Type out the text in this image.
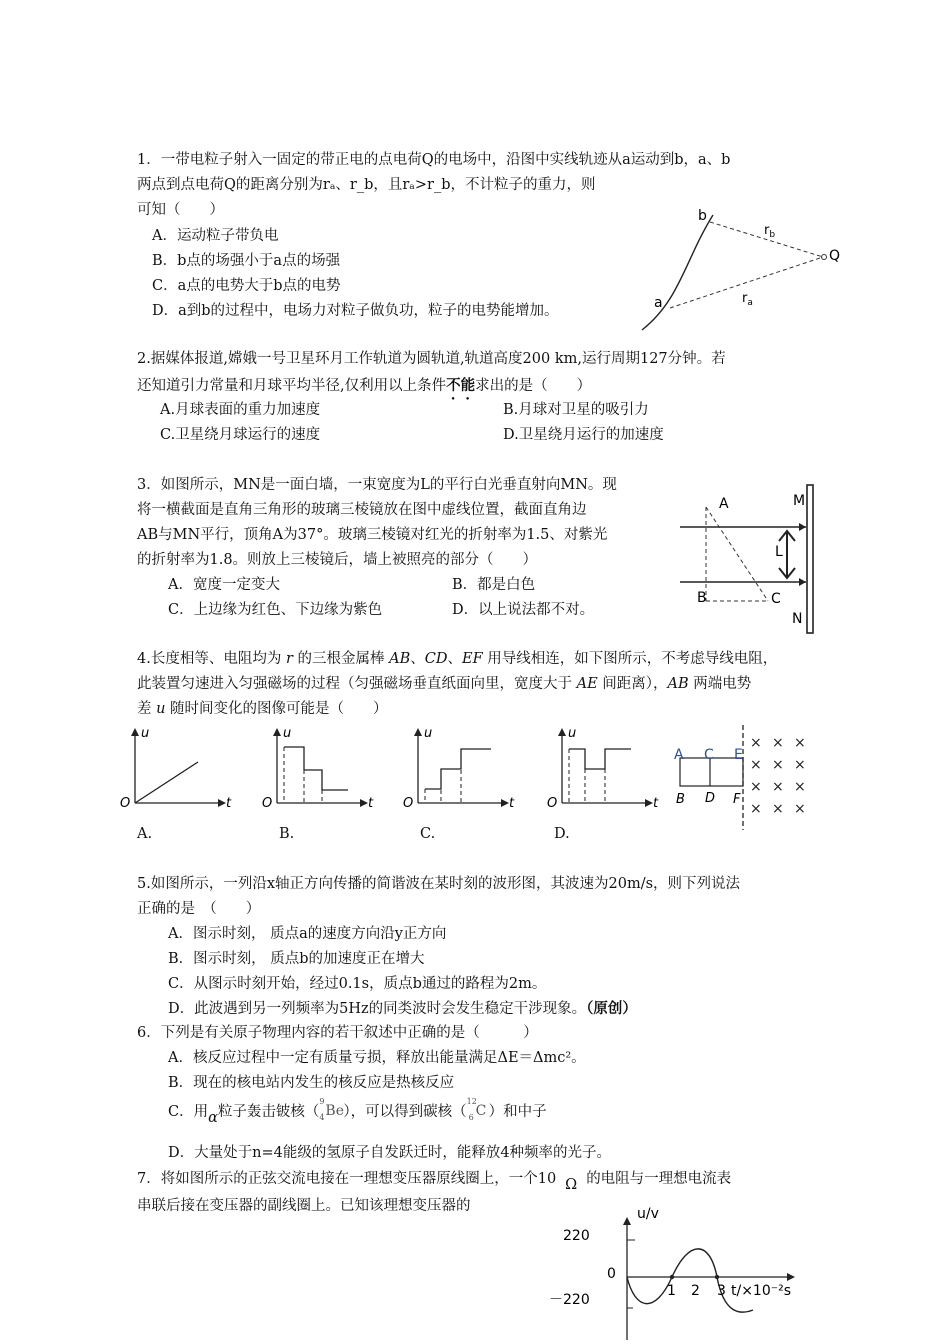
1．一带电粒子射入一固定的带正电的点电荷Q的电场中，沿图中实线轨迹从a运动到b，a、b
两点到点电荷Q的距离分别为rₐ、r_b，且rₐ>r_b，不计粒子的重力，则
可知（　　）
A．运动粒子带负电
B．b点的场强小于a点的场强
C．a点的电势大于b点的电势
D．a到b的过程中，电场力对粒子做负功，粒子的电势能增加。
b
a
Q
$r_b$
$r_a$
2.据媒体报道,嫦娥一号卫星环月工作轨道为圆轨道,轨道高度200 km,运行周期127分钟。若
还知道引力常量和月球平均半径,仅利用以上条件不能求出的是（　　）
A.月球表面的重力加速度	B.月球对卫星的吸引力
C.卫星绕月球运行的速度	D.卫星绕月运行的加速度
3．如图所示，MN是一面白墙，一束宽度为L的平行白光垂直射向MN。现
将一横截面是直角三角形的玻璃三棱镜放在图中虚线位置，截面直角边
AB与MN平行，顶角A为37°。玻璃三棱镜对红光的折射率为1.5、对紫光
的折射率为1.8。则放上三棱镜后，墙上被照亮的部分（　　）
A．宽度一定变大	B．都是白色
C．上边缘为红色、下边缘为紫色	D．以上说法都不对。
A
B	C
M
N
L
4.长度相等、电阻均为 r 的三根金属棒 AB、CD、EF 用导线相连，如下图所示，不考虑导线电阻，
此装置匀速进入匀强磁场的过程（匀强磁场垂直纸面向里，宽度大于 AE 间距离），AB 两端电势
差 u 随时间变化的图像可能是（　　）
u
t
O
u
t
O
u
t
O
u
t
O
A C E
B D F
× × ×
× × ×
× × ×
× × ×
A.	B.	C.	D.
5.如图所示，一列沿x轴正方向传播的简谐波在某时刻的波形图，其波速为20m/s，则下列说法
正确的是　（　　）
A．图示时刻， 质点a的速度方向沿y正方向
B．图示时刻， 质点b的加速度正在增大
C．从图示时刻开始，经过0.1s，质点b通过的路程为2m。
D．此波遇到另一列频率为5Hz的同类波时会发生稳定干涉现象。（原创）
6．下列是有关原子物理内容的若干叙述中正确的是（　　　）
A．核反应过程中一定有质量亏损，释放出能量满足ΔE＝Δmc²。
B．现在的核电站内发生的核反应是热核反应
C．用α粒子轰击铍核（
9
4 Be ），可以得到碳核（
12
6 C ）和中子
D．大量处于n=4能级的氢原子自发跃迁时，能释放4种频率的光子。
7．将如图所示的正弦交流电接在一理想变压器原线圈上，一个10 Ω 的电阻与一理想电流表
串联后接在变压器的副线圈上。已知该理想变压器的	u/v
220
0
－220
1 2 3 t/×10⁻²s
